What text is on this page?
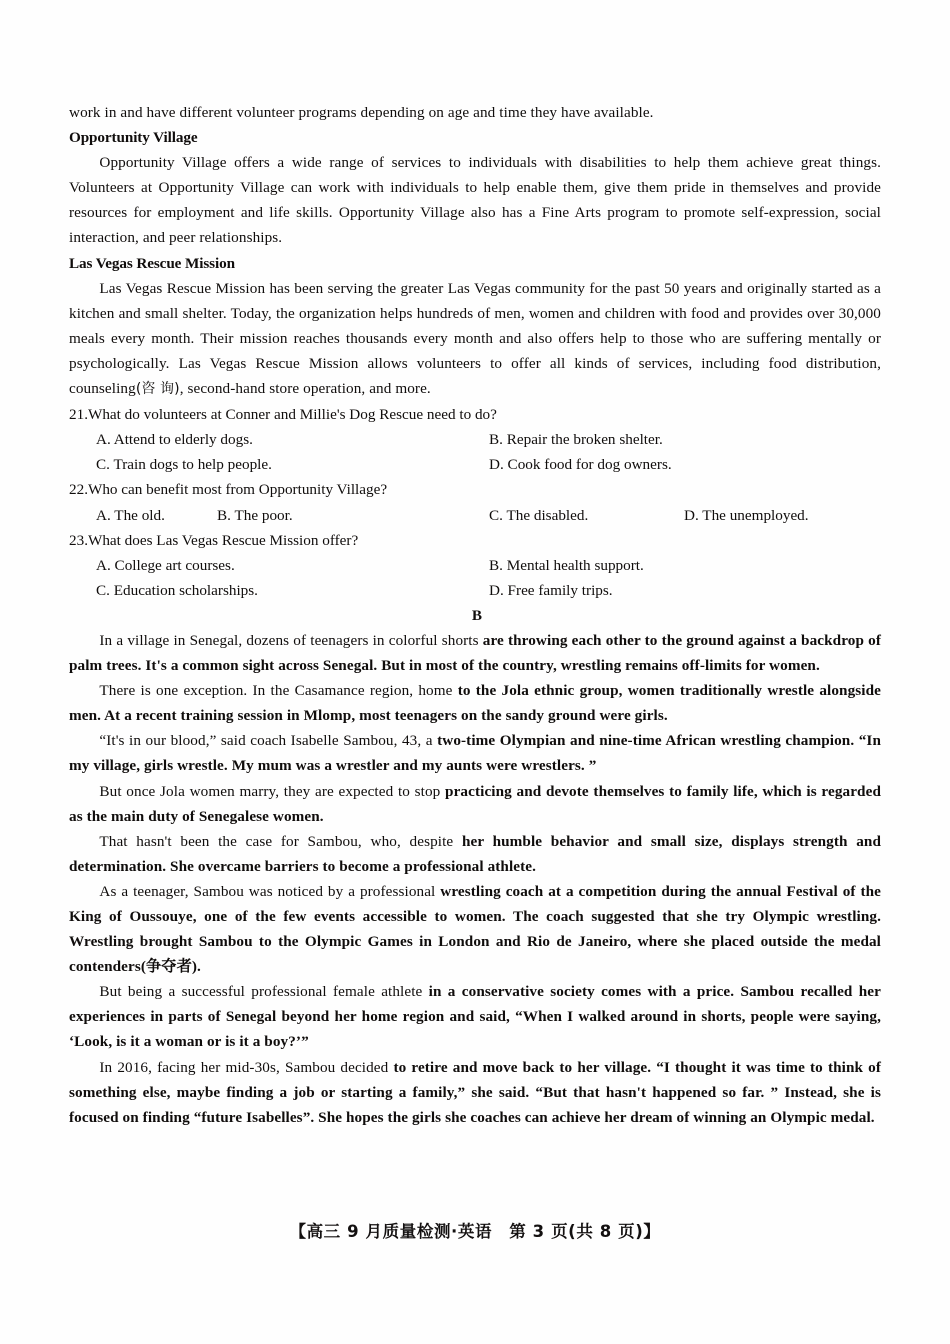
work in and have different volunteer programs depending on age and time they have available.

Opportunity Village

Opportunity Village offers a wide range of services to individuals with disabilities to help them achieve great things. Volunteers at Opportunity Village can work with individuals to help enable them, give them pride in themselves and provide resources for employment and life skills. Opportunity Village also has a Fine Arts program to promote self-expression, social interaction, and peer relationships.

Las Vegas Rescue Mission

Las Vegas Rescue Mission has been serving the greater Las Vegas community for the past 50 years and originally started as a kitchen and small shelter. Today, the organization helps hundreds of men, women and children with food and provides over 30,000 meals every month. Their mission reaches thousands every month and also offers help to those who are suffering mentally or psychologically. Las Vegas Rescue Mission allows volunteers to offer all kinds of services, including food distribution, counseling(咨 询), second-hand store operation, and more.

21.What do volunteers at Conner and Millie's Dog Rescue need to do?

A. Attend to elderly dogs.	B. Repair the broken shelter.
C. Train dogs to help people.	D. Cook food for dog owners.

22.Who can benefit most from Opportunity Village?

A. The old.	B. The poor.	C. The disabled.	D. The unemployed.

23.What does Las Vegas Rescue Mission offer?

A. College art courses.	B. Mental health support.
C. Education scholarships.	D. Free family trips.

B

In a village in Senegal, dozens of teenagers in colorful shorts are throwing each other to the ground against a backdrop of palm trees. It's a common sight across Senegal. But in most of the country, wrestling remains off-limits for women.

There is one exception. In the Casamance region, home to the Jola ethnic group, women traditionally wrestle alongside men. At a recent training session in Mlomp, most teenagers on the sandy ground were girls.

“It's in our blood,” said coach Isabelle Sambou, 43, a two-time Olympian and nine-time African wrestling champion. “In my village, girls wrestle. My mum was a wrestler and my aunts were wrestlers. ”

But once Jola women marry, they are expected to stop practicing and devote themselves to family life, which is regarded as the main duty of Senegalese women.

That hasn't been the case for Sambou, who, despite her humble behavior and small size, displays strength and determination. She overcame barriers to become a professional athlete.

As a teenager, Sambou was noticed by a professional wrestling coach at a competition during the annual Festival of the King of Oussouye, one of the few events accessible to women. The coach suggested that she try Olympic wrestling. Wrestling brought Sambou to the Olympic Games in London and Rio de Janeiro, where she placed outside the medal contenders(争夺者).

But being a successful professional female athlete in a conservative society comes with a price. Sambou recalled her experiences in parts of Senegal beyond her home region and said, “When I walked around in shorts, people were saying, ‘Look, is it a woman or is it a boy?’”

In 2016, facing her mid-30s, Sambou decided to retire and move back to her village. “I thought it was time to think of something else, maybe finding a job or starting a family,” she said. “But that hasn't happened so far. ” Instead, she is focused on finding “future Isabelles”. She hopes the girls she coaches can achieve her dream of winning an Olympic medal.

【高三 9 月质量检测·英语　第 3 页(共 8 页)】
